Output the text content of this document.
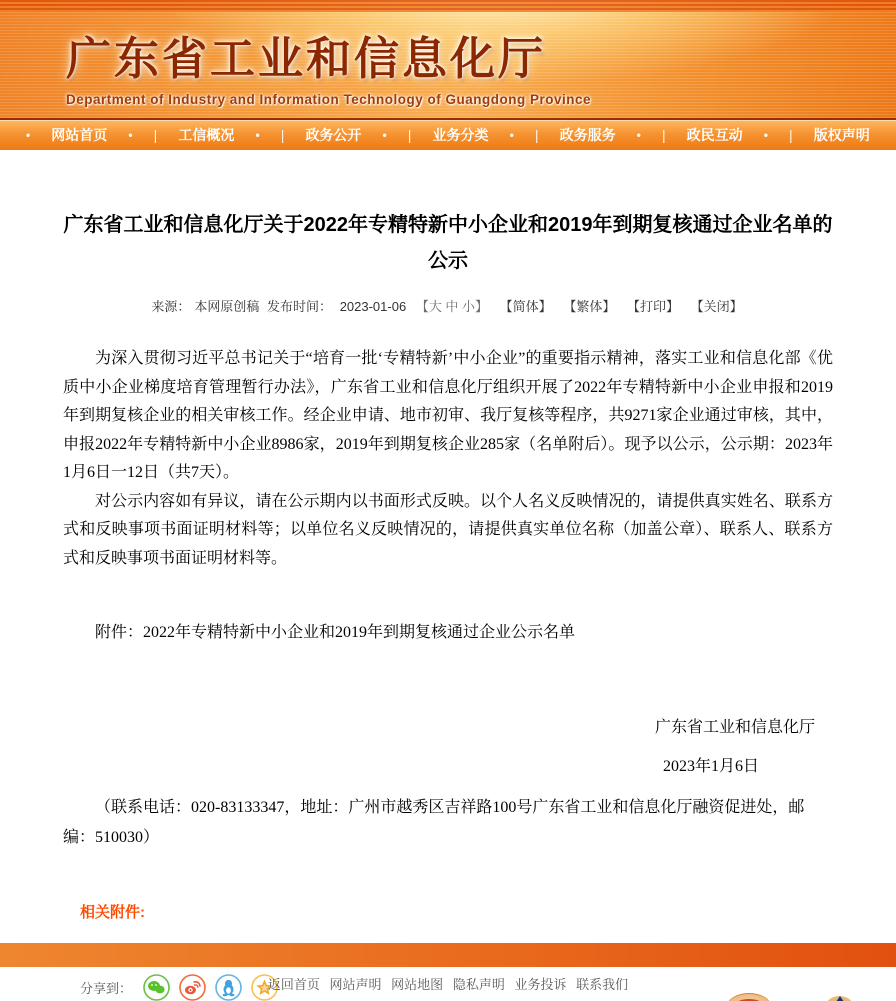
广东省工业和信息化厅
Department of Industry and Information Technology of Guangdong Province
• 网站首页 • | 工信概况 • | 政务公开 • | 业务分类 • | 政务服务 • | 政民互动 • | 版权声明
广东省工业和信息化厅关于2022年专精特新中小企业和2019年到期复核通过企业名单的公示
来源： 本网原创稿 发布时间： 2023-01-06 【大 中 小】 【简体】 【繁体】 【打印】 【关闭】

为深入贯彻习近平总书记关于“培育一批‘专精特新’中小企业”的重要指示精神，落实工业和信息化部《优质中小企业梯度培育管理暂行办法》，广东省工业和信息化厅组织开展了2022年专精特新中小企业申报和2019年到期复核企业的相关审核工作。经企业申请、地市初审、我厅复核等程序，共9271家企业通过审核，其中，申报2022年专精特新中小企业8986家，2019年到期复核企业285家（名单附后）。现予以公示，公示期：2023年1月6日一12日（共7天）。

对公示内容如有异议，请在公示期内以书面形式反映。以个人名义反映情况的，请提供真实姓名、联系方式和反映事项书面证明材料等；以单位名义反映情况的，请提供真实单位名称（加盖公章）、联系人、联系方式和反映事项书面证明材料等。

附件：2022年专精特新中小企业和2019年到期复核通过企业公示名单
广东省工业和信息化厅
2023年1月6日
（联系电话：020-83133347，地址：广州市越秀区吉祥路100号广东省工业和信息化厅融资促进处，邮编：510030）
相关附件:
分享到：	返回首页 网站声明 网站地图 隐私声明 业务投诉 联系我们
